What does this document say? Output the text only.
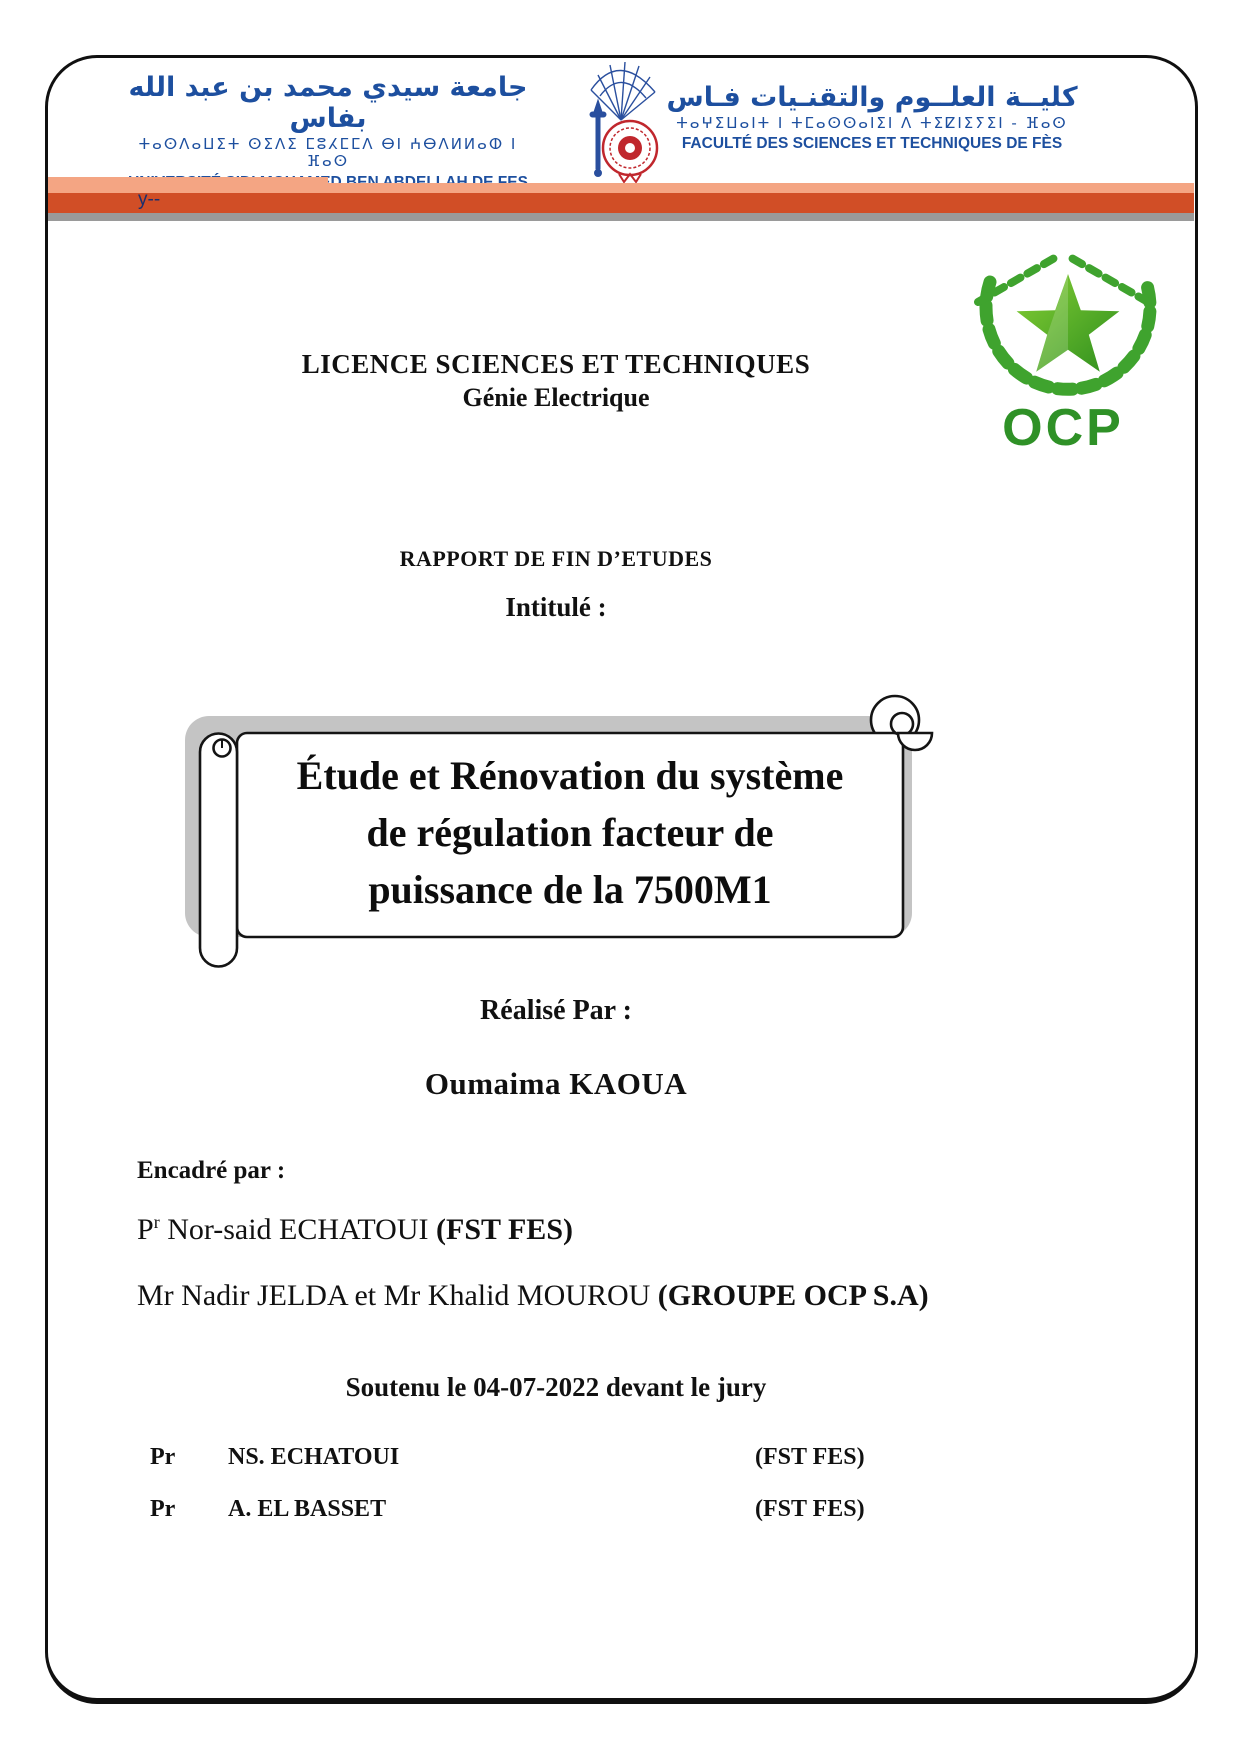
جامعة سيدي محمد بن عبد الله بفاس
ⵜⴰⵙⴷⴰⵡⵉⵜ ⵙⵉⴷⵉ ⵎⵓⵃⵎⵎⴷ ⴱⵏ ⵄⴱⴷⵍⵍⴰⵀ ⵏ ⴼⴰⵙ
كليــة العلــوم والتقنـيات فـاس
ⵜⴰⵖⵉⵡⴰⵏⵜ ⵏ ⵜⵎⴰⵙⵙⴰⵏⵉⵏ ⴷ ⵜⵉⵇⵏⵉⵢⵉⵏ - ⴼⴰⵙ
FACULTÉ DES SCIENCES ET TECHNIQUES DE FÈS
y--
OCP
LICENCE SCIENCES ET TECHNIQUES
Génie Electrique
RAPPORT DE FIN D’ETUDES
Intitulé :
Étude et Rénovation du système
de régulation facteur de
puissance de la 7500M1
Réalisé Par :
Oumaima KAOUA
Encadré par :
$P^r$ Nor-said ECHATOUI (FST FES)
Mr Nadir JELDA et Mr Khalid MOUROU (GROUPE OCP S.A)
Soutenu le 04-07-2022 devant le jury
Pr NS. ECHATOUI	(FST FES)
Pr A. EL BASSET	(FST FES)
